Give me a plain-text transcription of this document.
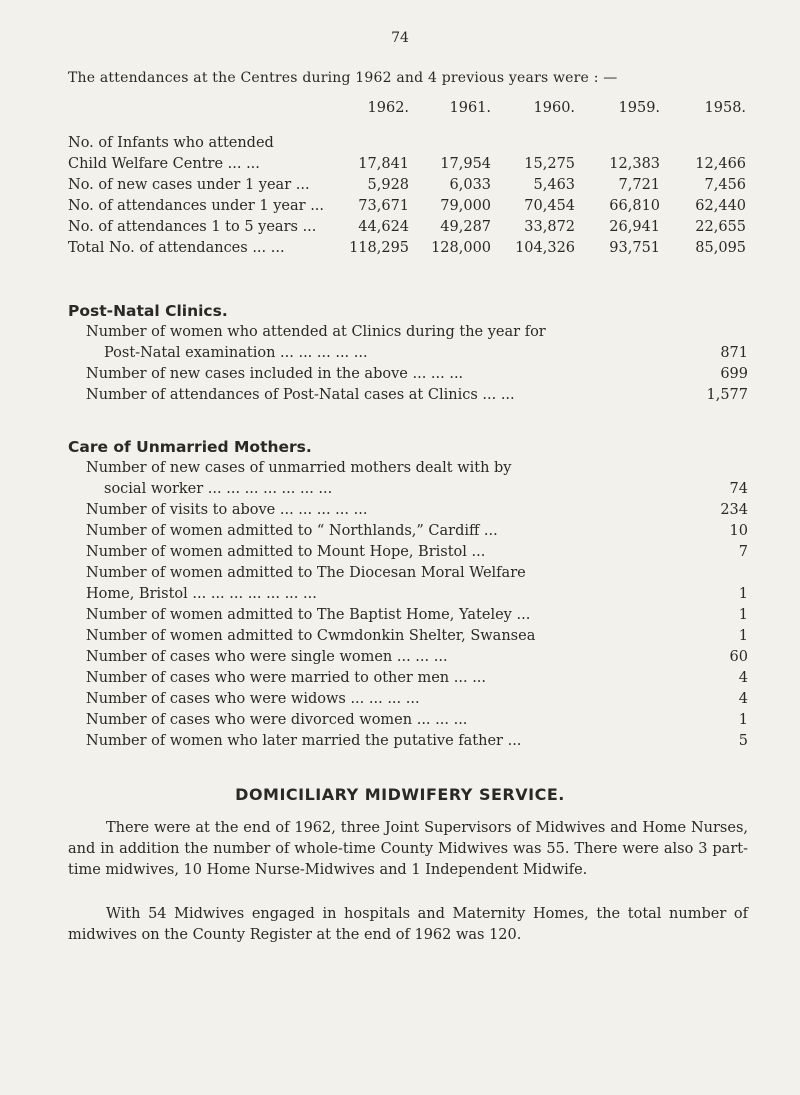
74
The attendances at the Centres during 1962 and 4 previous years were : —
	1962.	1961.	1960.	1959.	1958.
No. of Infants who attended					
Child Welfare Centre ... ...	17,841	17,954	15,275	12,383	12,466
No. of new cases under 1 year ...	5,928	6,033	5,463	7,721	7,456
No. of attendances under 1 year ...	73,671	79,000	70,454	66,810	62,440
No. of attendances 1 to 5 years ...	44,624	49,287	33,872	26,941	22,655
Total No. of attendances ... ...	118,295	128,000	104,326	93,751	85,095
Post-Natal Clinics.
Number of women who attended at Clinics during the year for
Post-Natal examination ... ... ... ... ...	871
Number of new cases included in the above ... ... ...	699
Number of attendances of Post-Natal cases at Clinics ... ...	1,577
Care of Unmarried Mothers.
Number of new cases of unmarried mothers dealt with by
social worker ... ... ... ... ... ... ...	74
Number of visits to above ... ... ... ... ...	234
Number of women admitted to “ Northlands,” Cardiff ...	10
Number of women admitted to Mount Hope, Bristol ...	7
Number of women admitted to The Diocesan Moral Welfare
Home, Bristol ... ... ... ... ... ... ...	1
Number of women admitted to The Baptist Home, Yateley ...	1
Number of women admitted to Cwmdonkin Shelter, Swansea	1
Number of cases who were single women ... ... ...	60
Number of cases who were married to other men ... ...	4
Number of cases who were widows ... ... ... ...	4
Number of cases who were divorced women ... ... ...	1
Number of women who later married the putative father ...	5
DOMICILIARY MIDWIFERY SERVICE.
There were at the end of 1962, three Joint Supervisors of Midwives and Home Nurses, and in addition the number of whole-time County Midwives was 55. There were also 3 part-time midwives, 10 Home Nurse-Midwives and 1 Independent Midwife.
With 54 Midwives engaged in hospitals and Maternity Homes, the total number of midwives on the County Register at the end of 1962 was 120.
